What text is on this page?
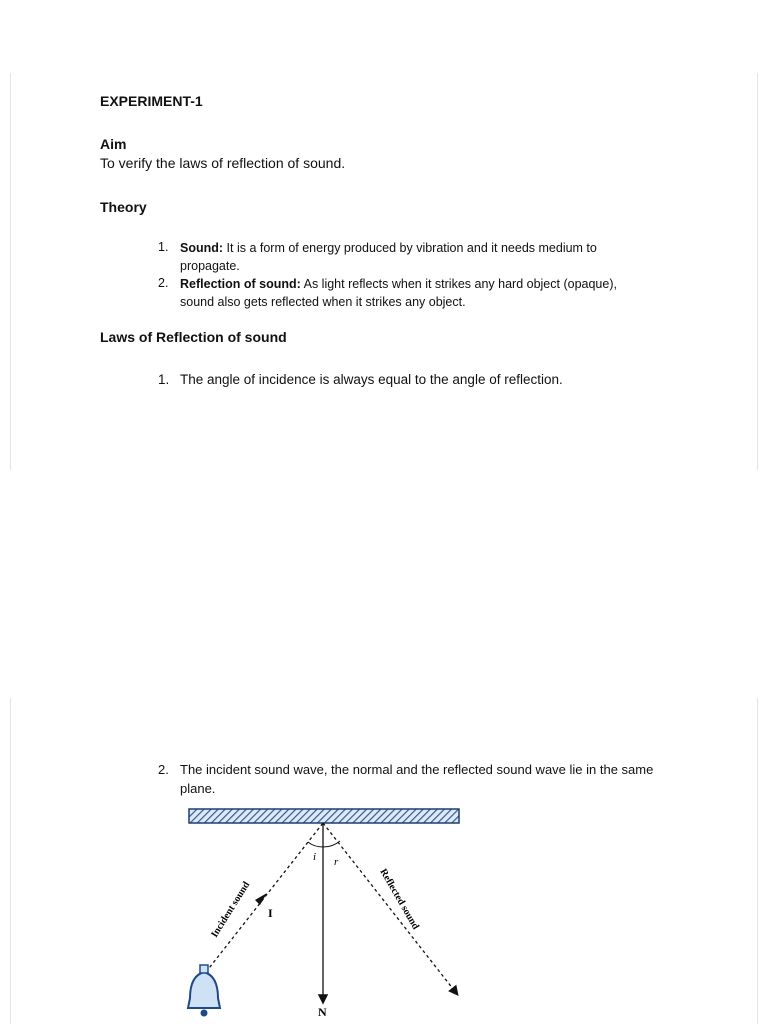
EXPERIMENT-1
Aim
To verify the laws of reflection of sound.
Theory
1. Sound: It is a form of energy produced by vibration and it needs medium to
propagate.
2. Reflection of sound: As light reflects when it strikes any hard object (opaque),
sound also gets reflected when it strikes any object.
Laws of Reflection of sound
1. The angle of incidence is always equal to the angle of reflection.
2. The incident sound wave, the normal and the reflected sound wave lie in the same
plane.
i r
I
N
Incident sound	Reflected sound
